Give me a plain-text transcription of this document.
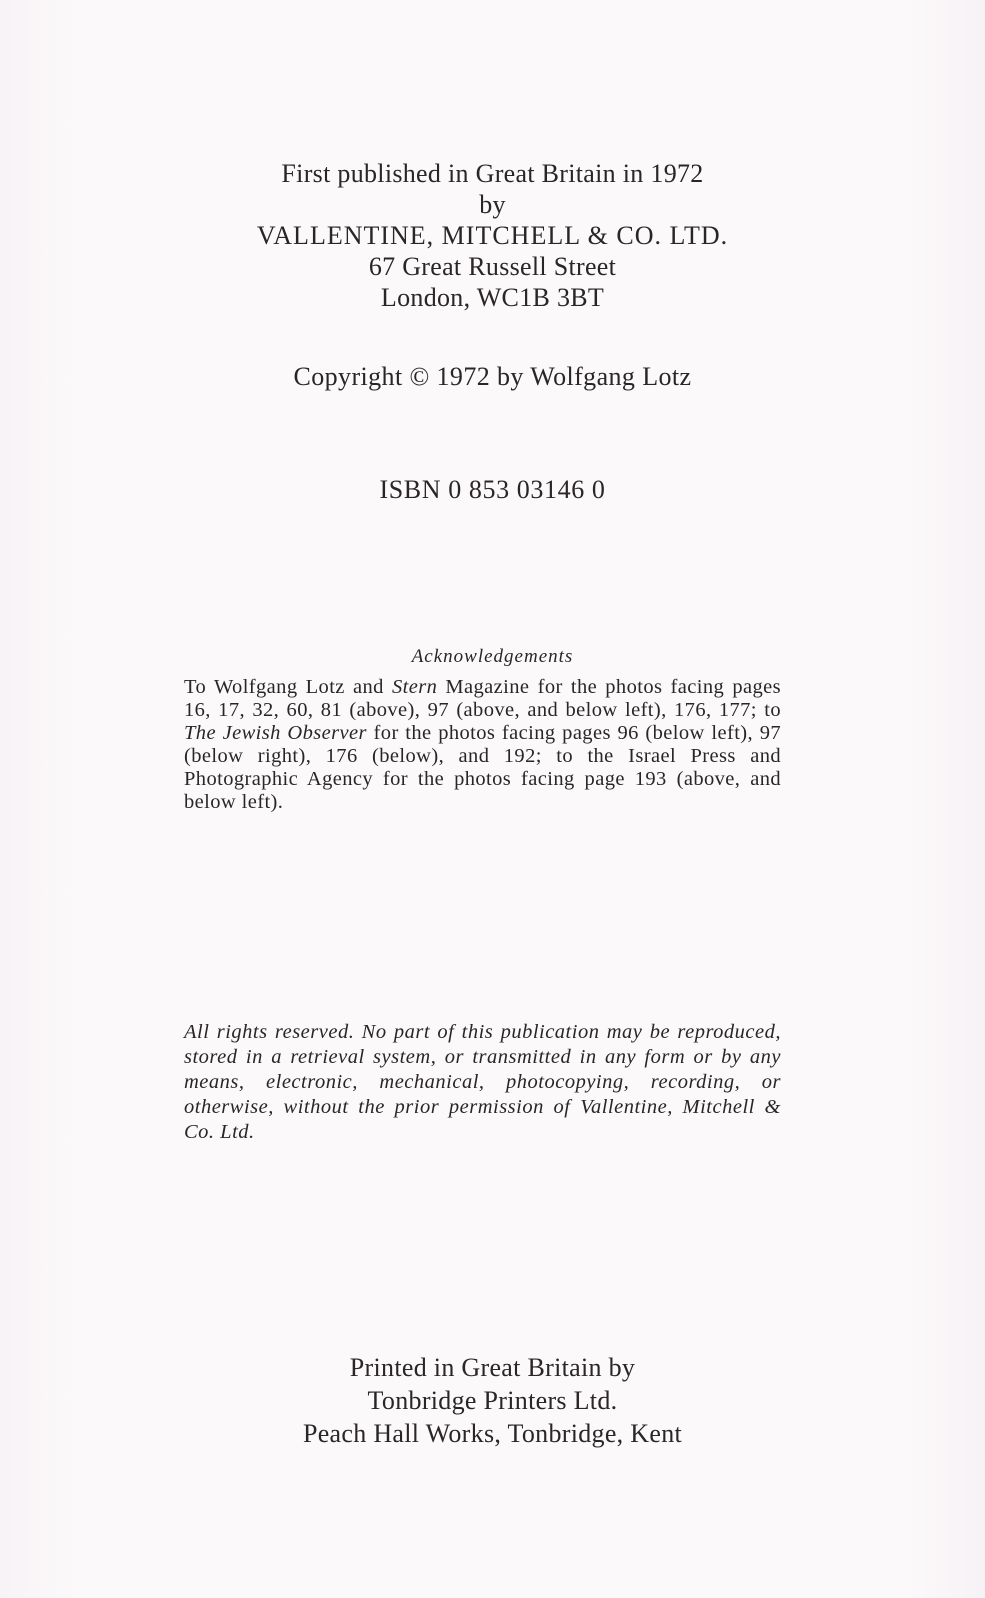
First published in Great Britain in 1972
by
VALLENTINE, MITCHELL & CO. LTD.
67 Great Russell Street
London, WC1B 3BT
Copyright © 1972 by Wolfgang Lotz
ISBN 0 853 03146 0
Acknowledgements
To Wolfgang Lotz and Stern Magazine for the photos facing pages 16, 17, 32, 60, 81 (above), 97 (above, and below left), 176, 177; to The Jewish Observer for the photos facing pages 96 (below left), 97 (below right), 176 (below), and 192; to the Israel Press and Photographic Agency for the photos facing page 193 (above, and below left).
All rights reserved. No part of this publication may be reproduced, stored in a retrieval system, or transmitted in any form or by any means, electronic, mechanical, photocopying, recording, or otherwise, without the prior permission of Vallentine, Mitchell & Co. Ltd.
Printed in Great Britain by
Tonbridge Printers Ltd.
Peach Hall Works, Tonbridge, Kent
